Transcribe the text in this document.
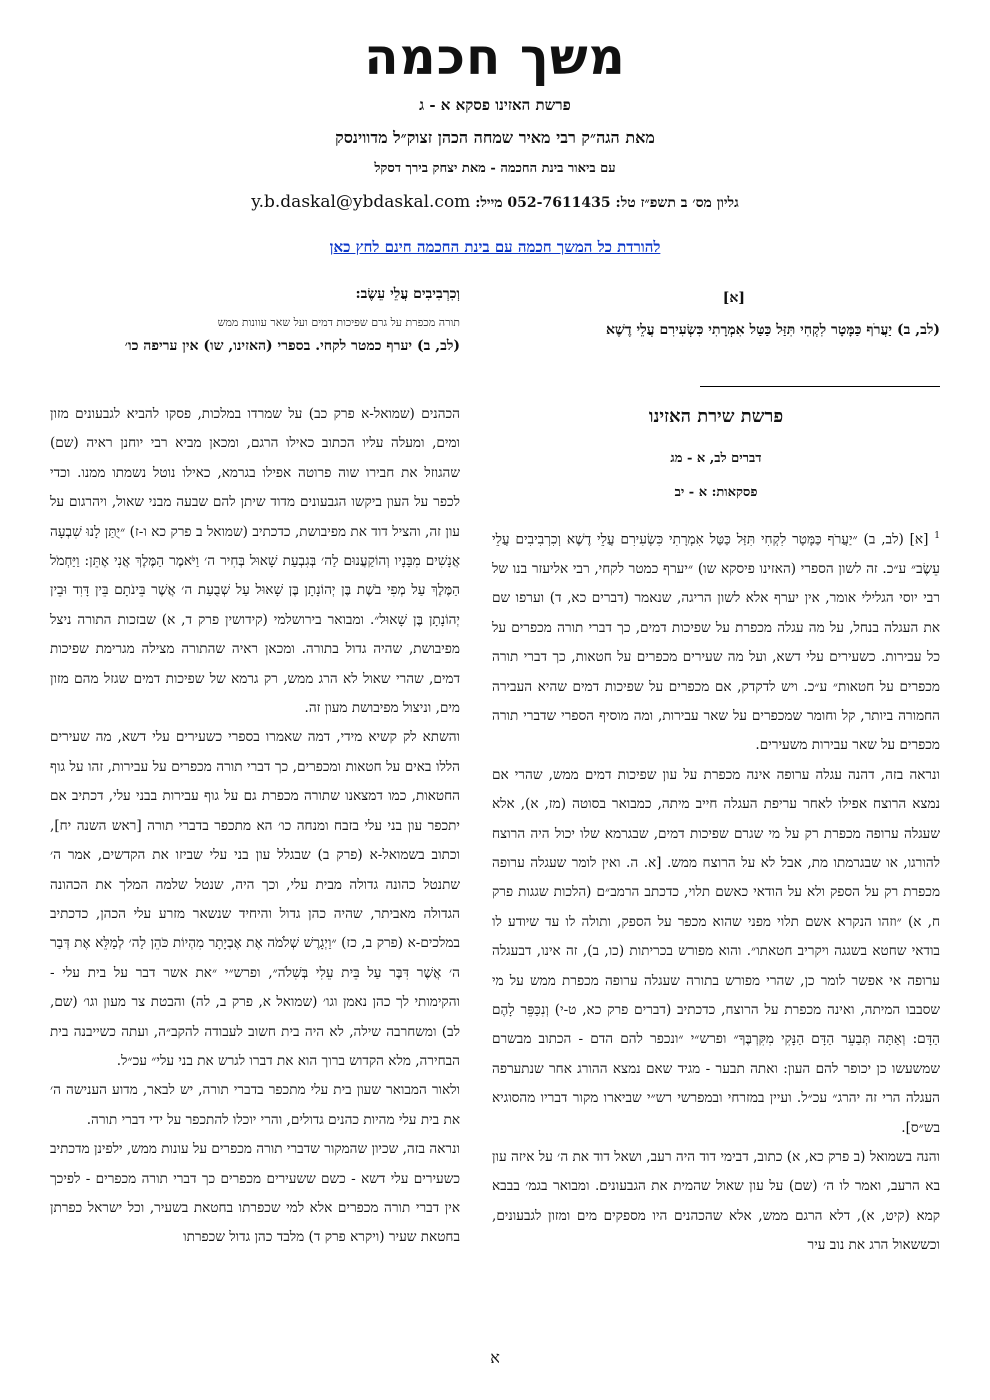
משך חכמה
פרשת האזינו פסקא א - ג
מאת הגה״ק רבי מאיר שמחה הכהן זצוק״ל מדווינסק
עם ביאור בינת החכמה - מאת יצחק בירך דסקל
גליון מס׳ ב תשפ״ז טל: 052-7611435 מייל: y.b.daskal@ybdaskal.com
להורדת כל המשך חכמה עם בינת החכמה חינם לחץ כאן
[א]
(לב, ב) יַעֲרֹף כַּמָּטָר לִקְחִי תִּזַּל כַּטַּל אִמְרָתִי כִּשְׂעִירִם עֲלֵי דֶשֶׁא
וְכִרְבִיבִים עֲלֵי עֵשֶׂב:
תורה מכפרת על גרם שפיכות דמים ועל שאר עוונות ממש
(לב, ב) יערף כמטר לקחי. בספרי (האזינו, שו) אין עריפה כו׳
פרשת שירת האזינו
דברים לב, א - מג
פסקאות: א - יב

$^1$ [א] (לב, ב) ״יַעֲרֹף כַּמָּטָר לִקְחִי תִּזַּל כַּטַּל אִמְרָתִי כִּשְׂעִירִם עֲלֵי דֶשֶׁא וְכִרְבִיבִים עֲלֵי עֵשֶׂב״ ע״כ. זה לשון הספרי (האזינו פיסקא שו) ״יערף כמטר לקחי, רבי אליעזר בנו של רבי יוסי הגלילי אומר, אין יערף אלא לשון הריגה, שנאמר (דברים כא, ד) וערפו שם את העגלה בנחל, על מה עגלה מכפרת על שפיכות דמים, כך דברי תורה מכפרים על כל עבירות. כשעירים עלי דשא, ועל מה שעירים מכפרים על חטאות, כך דברי תורה מכפרים על חטאות״ ע״כ. ויש לדקדק, אם מכפרים על שפיכות דמים שהיא העבירה החמורה ביותר, קל וחומר שמכפרים על שאר עבירות, ומה מוסיף הספרי שדברי תורה מכפרים על שאר עבירות משעירים.

ונראה בזה, דהנה עגלה ערופה אינה מכפרת על עון שפיכות דמים ממש, שהרי אם נמצא הרוצח אפילו לאחר עריפת העגלה חייב מיתה, כמבואר בסוטה (מז, א), אלא שעגלה ערופה מכפרת רק על מי שגרם שפיכות דמים, שבגרמא שלו יכול היה הרוצח להורגו, או שבגרמתו מת, אבל לא על הרוצח ממש. [א. ה. ואין לומר שעגלה ערופה מכפרת רק על הספק ולא על הודאי כאשם תלוי, כדכתב הרמב״ם (הלכות שגגות פרק ח, א) ״וזהו הנקרא אשם תלוי מפני שהוא מכפר על הספק, ותולה לו עד שיודע לו בודאי שחטא בשגגה ויקריב חטאתו״. והוא מפורש בכריתות (כו, ב), זה אינו, דבעגלה ערופה אי אפשר לומר כן, שהרי מפורש בתורה שעגלה ערופה מכפרת ממש על מי שסבבו המיתה, ואינה מכפרת על הרוצח, כדכתיב (דברים פרק כא, ט-י) וְנִכַּפֵּר לָהֶם הַדָּם: וְאַתָּה תְּבַעֵר הַדָּם הַנָּקִי מִקִּרְבֶּךָ״ ופרש״י ״ונכפר להם הדם - הכתוב מבשרם שמשעשו כן יכופר להם העון: ואתה תבער - מגיד שאם נמצא ההורג אחר שנתערפה העגלה הרי זה יהרג״ עכ״ל. ועיין במזרחי ובמפרשי רש״י שביארו מקור דבריו מהסוגיא בש״ס].

והנה בשמואל (ב פרק כא, א) כתוב, דבימי דוד היה רעב, ושאל דוד את ה׳ על איזה עון בא הרעב, ואמר לו ה׳ (שם) על עון שאול שהמית את הגבעונים. ומבואר בגמ׳ בבבא קמא (קיט, א), דלא הרגם ממש, אלא שהכהנים היו מספקים מים ומזון לגבעונים, וכששאול הרג את נוב עיר

הכהנים (שמואל-א פרק כב) על שמרדו במלכות, פסקו להביא לגבעונים מזון ומים, ומעלה עליו הכתוב כאילו הרגם, ומכאן מביא רבי יוחנן ראיה (שם) שהגוזל את חבירו שוה פרוטה אפילו בגרמא, כאילו נוטל נשמתו ממנו. וכדי לכפר על העון ביקשו הגבעונים מדוד שיתן להם שבעה מבני שאול, ויהרגום על עון זה, והציל דוד את מפיבושת, כדכתיב (שמואל ב פרק כא ו-ז) ״יֻתַּן לָנוּ שִׁבְעָה אֲנָשִׁים מִבָּנָיו וְהוֹקַעֲנוּם לַה׳ בְּגִבְעַת שָׁאוּל בְּחִיר ה׳ וַיֹּאמֶר הַמֶּלֶךְ אֲנִי אֶתֵּן: וַיַּחְמֹל הַמֶּלֶךְ עַל מְפִי בֹשֶׁת בֶּן יְהוֹנָתָן בֶּן שָׁאוּל עַל שְׁבֻעַת ה׳ אֲשֶׁר בֵּינֹתָם בֵּין דָּוִד וּבֵין יְהוֹנָתָן בֶּן שָׁאוּל״. ומבואר בירושלמי (קידושין פרק ד, א) שבזכות התורה ניצל מפיבושת, שהיה גדול בתורה. ומכאן ראיה שהתורה מצילה מגרימת שפיכות דמים, שהרי שאול לא הרג ממש, רק גרמא של שפיכות דמים שגזל מהם מזון מים, וניצול מפיבושת מעון זה.

והשתא לק קשיא מידי, דמה שאמרו בספרי כשעירים עלי דשא, מה שעירים הללו באים על חטאות ומכפרים, כך דברי תורה מכפרים על עבירות, זהו על גוף החטאות, כמו דמצאנו שתורה מכפרת גם על גוף עבירות בבני עלי, דכתיב אם יתכפר עון בני עלי בזבח ומנחה כו׳ הא מתכפר בדברי תורה [ראש השנה יח], וכתוב בשמואל-א (פרק ב) שבגלל עון בני עלי שביזו את הקדשים, אמר ה׳ שתנטל כהונה גדולה מבית עלי, וכך היה, שנטל שלמה המלך את הכהונה הגדולה מאביתר, שהיה כהן גדול והיחיד שנשאר מזרע עלי הכהן, כדכתיב במלכים-א (פרק ב, כז) ״וַיְגָרֶשׁ שְׁלֹמֹה אֶת אֶבְיָתָר מִהְיוֹת כֹּהֵן לַה׳ לְמַלֵּא אֶת דְּבַר ה׳ אֲשֶׁר דִּבֶּר עַל בֵּית עֵלִי בְּשִׁלֹה״, ופרש״י ״את אשר דבר על בית עלי - והקימותי לך כהן נאמן וגו׳ (שמואל א, פרק ב, לה) והבטת צר מעון וגו׳ (שם, לב) ומשחרבה שילה, לא היה בית חשוב לעבודה להקב״ה, ועתה כשייבנה בית הבחירה, מלא הקדוש ברוך הוא את דברו לגרש את בני עלי״ עכ״ל.

ולאור המבואר שעון בית עלי מתכפר בדברי תורה, יש לבאר, מדוע הענישה ה׳ את בית עלי מהיות כהנים גדולים, והרי יוכלו להתכפר על ידי דברי תורה.

ונראה בזה, שכיון שהמקור שדברי תורה מכפרים על עונות ממש, ילפינן מדכתיב כשעירים עלי דשא - כשם ששעירים מכפרים כך דברי תורה מכפרים - לפיכך אין דברי תורה מכפרים אלא למי שכפרתו בחטאת בשעיר, וכל ישראל כפרתן בחטאת שעיר (ויקרא פרק ד) מלבד כהן גדול שכפרתו

א
